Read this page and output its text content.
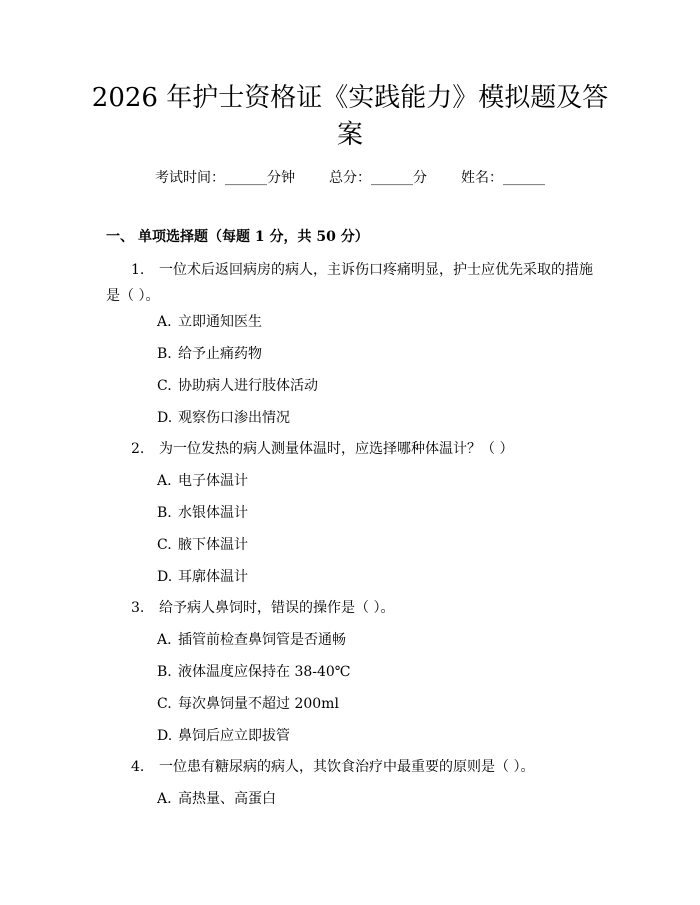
2026 年护士资格证《实践能力》模拟题及答
案
考试时间：______分钟 总分：______分 姓名：______
一、 单项选择题（每题 1 分，共 50 分）
1. 一位术后返回病房的病人，主诉伤口疼痛明显，护士应优先采取的措施是（ ）。
A. 立即通知医生
B. 给予止痛药物
C. 协助病人进行肢体活动
D. 观察伤口渗出情况
2. 为一位发热的病人测量体温时，应选择哪种体温计？（ ）
A. 电子体温计
B. 水银体温计
C. 腋下体温计
D. 耳廓体温计
3. 给予病人鼻饲时，错误的操作是（ ）。
A. 插管前检查鼻饲管是否通畅
B. 液体温度应保持在 38-40℃
C. 每次鼻饲量不超过 200ml
D. 鼻饲后应立即拔管
4. 一位患有糖尿病的病人，其饮食治疗中最重要的原则是（ ）。
A. 高热量、高蛋白
